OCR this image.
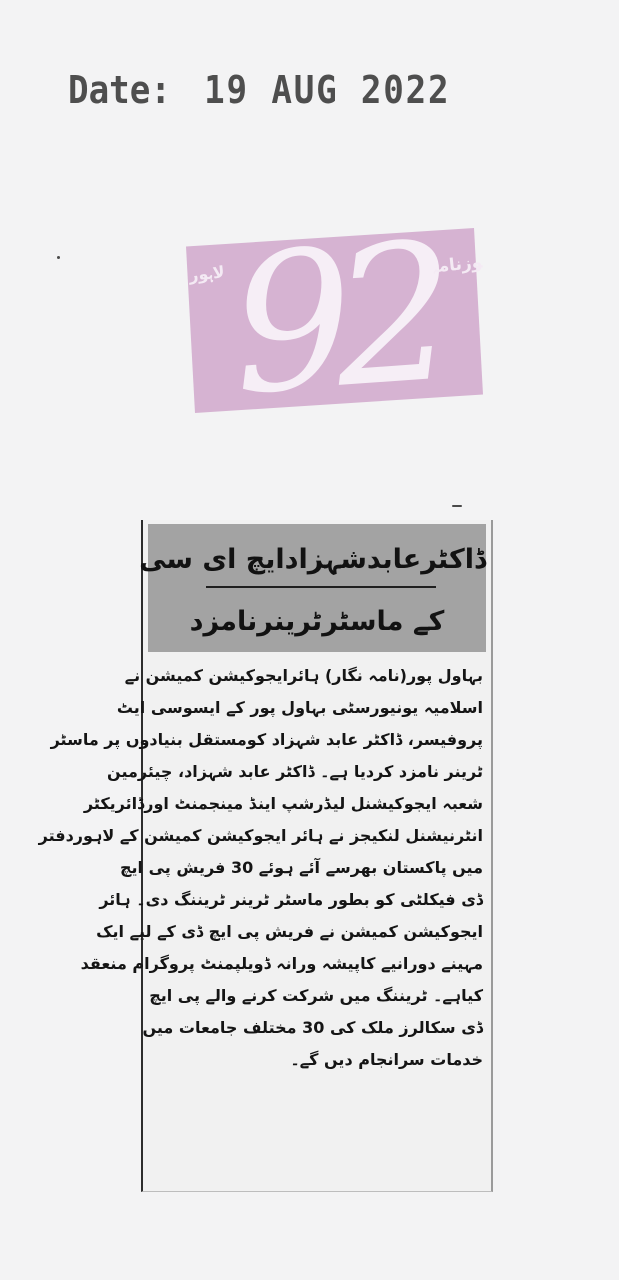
Date: 19 AUG 2022
92
ﻻﮨﻮﺭ	ﻮﺯﻧﺎﻣﮧ
ڈاکٹرعابدشہزادایچ ای سی
کے ماسٹرٹرینرنامزد
بہاول پور(نامہ نگار) ہائرایجوکیشن کمیشن نے
اسلامیہ یونیورسٹی بہاول پور کے ایسوسی ایٹ
پروفیسر، ڈاکٹر عابد شہزاد کومستقل بنیادوں پر ماسٹر
ٹرینر نامزد کردیا ہے۔ ڈاکٹر عابد شہزاد، چیئرمین
شعبہ ایجوکیشنل لیڈرشپ اینڈ مینجمنٹ اورڈائریکٹر
انٹرنیشنل لنکیجز نے ہائر ایجوکیشن کمیشن کے لاہوردفتر
میں پاکستان بھرسے آئے ہوئے 30 فریش پی ایچ
ڈی فیکلٹی کو بطور ماسٹر ٹرینر ٹریننگ دی۔ ہائر
ایجوکیشن کمیشن نے فریش پی ایچ ڈی کے لیے ایک
مہینے دورانیے کاپیشہ ورانہ ڈویلپمنٹ پروگرام منعقد
کیاہے۔ ٹریننگ میں شرکت کرنے والے پی ایچ
ڈی سکالرز ملک کی 30 مختلف جامعات میں
خدمات سرانجام دیں گے۔
